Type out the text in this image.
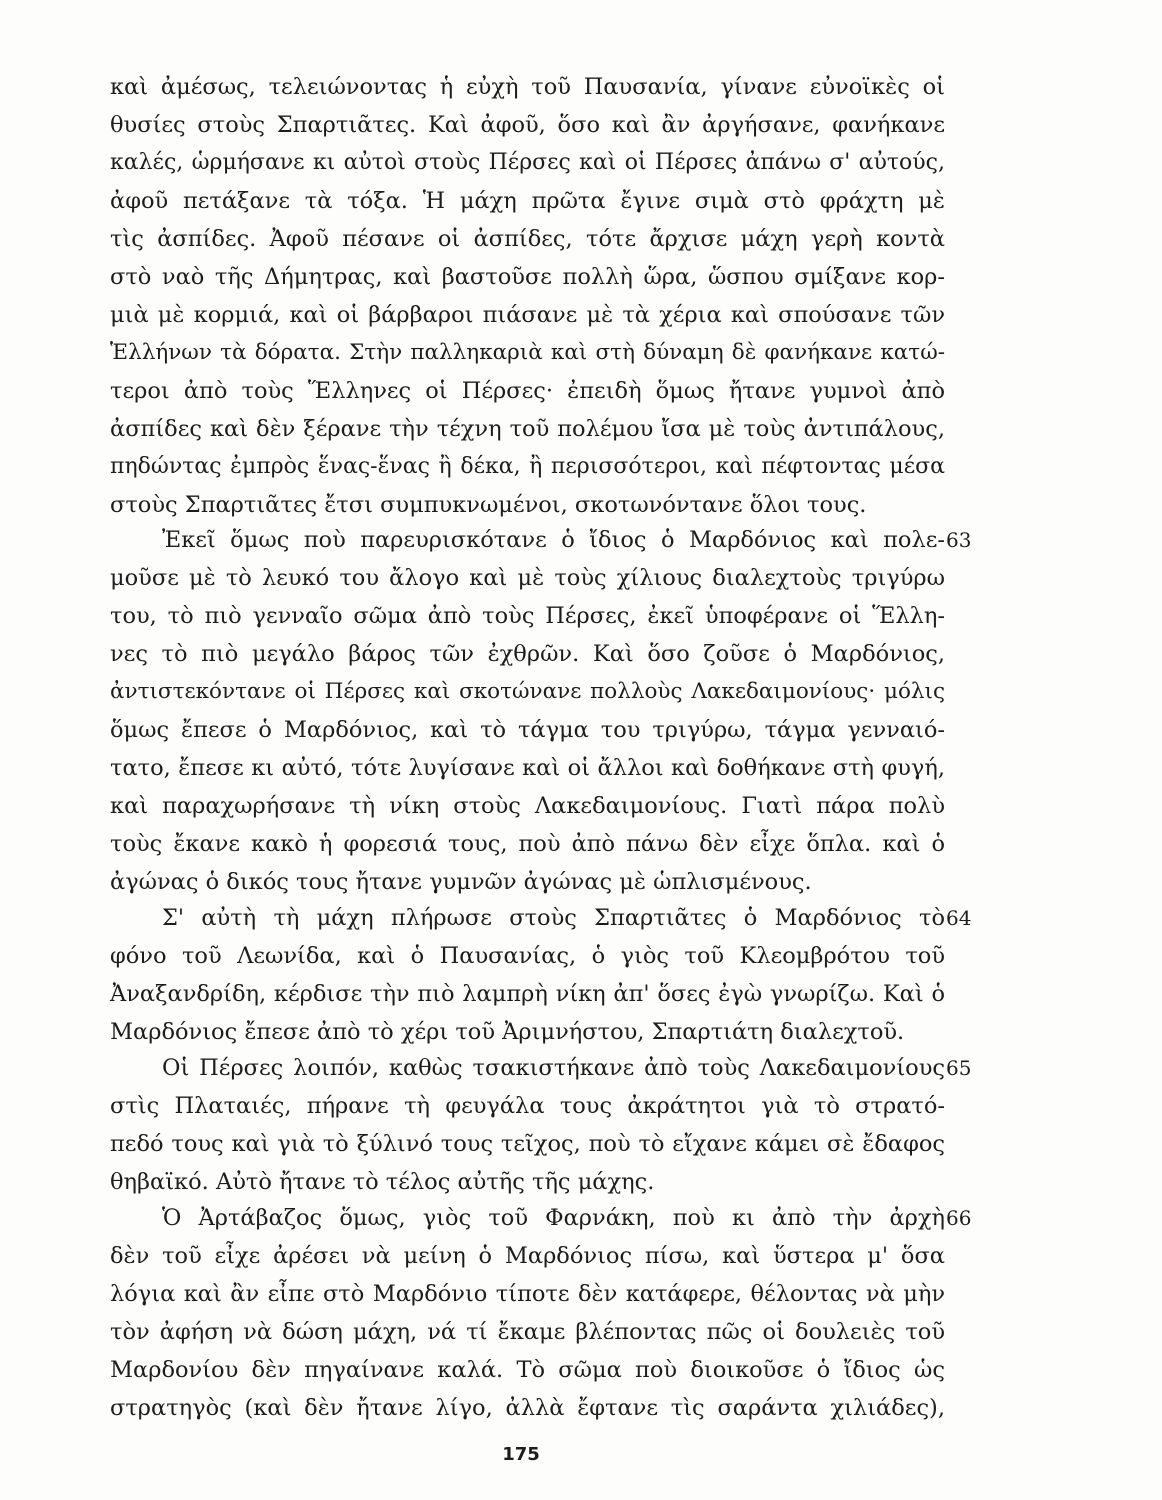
καὶ ἀμέσως, τελειώνοντας ἡ εὐχὴ τοῦ Παυσανία, γίνανε εὐνοϊκὲς οἱ
θυσίες στοὺς Σπαρτιᾶτες. Καὶ ἀφοῦ, ὅσο καὶ ἂν ἀργήσανε, φανήκανε
καλές, ὡρμήσανε κι αὐτοὶ στοὺς Πέρσες καὶ οἱ Πέρσες ἀπάνω σ' αὐτούς,
ἀφοῦ πετάξανε τὰ τόξα. Ἡ μάχη πρῶτα ἔγινε σιμὰ στὸ φράχτη μὲ
τὶς ἀσπίδες. Ἀφοῦ πέσανε οἱ ἀσπίδες, τότε ἄρχισε μάχη γερὴ κοντὰ
στὸ ναὸ τῆς Δήμητρας, καὶ βαστοῦσε πολλὴ ὥρα, ὥσπου σμίξανε κορ-
μιὰ μὲ κορμιά, καὶ οἱ βάρβαροι πιάσανε μὲ τὰ χέρια καὶ σπούσανε τῶν
Ἑλλήνων τὰ δόρατα. Στὴν παλληκαριὰ καὶ στὴ δύναμη δὲ φανήκανε κατώ-
τεροι ἀπὸ τοὺς Ἕλληνες οἱ Πέρσες· ἐπειδὴ ὅμως ἤτανε γυμνοὶ ἀπὸ
ἀσπίδες καὶ δὲν ξέρανε τὴν τέχνη τοῦ πολέμου ἴσα μὲ τοὺς ἀντιπάλους,
πηδώντας ἐμπρὸς ἕνας-ἕνας ἢ δέκα, ἢ περισσότεροι, καὶ πέφτοντας μέσα
στοὺς Σπαρτιᾶτες ἔτσι συμπυκνωμένοι, σκοτωνόντανε ὅλοι τους.
Ἐκεῖ ὅμως ποὺ παρευρισκότανε ὁ ἴδιος ὁ Μαρδόνιος καὶ πολε- 63
μοῦσε μὲ τὸ λευκό του ἄλογο καὶ μὲ τοὺς χίλιους διαλεχτοὺς τριγύρω
του, τὸ πιὸ γενναῖο σῶμα ἀπὸ τοὺς Πέρσες, ἐκεῖ ὑποφέρανε οἱ Ἕλλη-
νες τὸ πιὸ μεγάλο βάρος τῶν ἐχθρῶν. Καὶ ὅσο ζοῦσε ὁ Μαρδόνιος,
ἀντιστεκόντανε οἱ Πέρσες καὶ σκοτώνανε πολλοὺς Λακεδαιμονίους· μόλις
ὅμως ἔπεσε ὁ Μαρδόνιος, καὶ τὸ τάγμα του τριγύρω, τάγμα γενναιό-
τατο, ἔπεσε κι αὐτό, τότε λυγίσανε καὶ οἱ ἄλλοι καὶ δοθήκανε στὴ φυγή,
καὶ παραχωρήσανε τὴ νίκη στοὺς Λακεδαιμονίους. Γιατὶ πάρα πολὺ
τοὺς ἔκανε κακὸ ἡ φορεσιά τους, ποὺ ἀπὸ πάνω δὲν εἶχε ὅπλα. καὶ ὁ
ἀγώνας ὁ δικός τους ἤτανε γυμνῶν ἀγώνας μὲ ὡπλισμένους.
Σ' αὐτὴ τὴ μάχη πλήρωσε στοὺς Σπαρτιᾶτες ὁ Μαρδόνιος τὸ 64
φόνο τοῦ Λεωνίδα, καὶ ὁ Παυσανίας, ὁ γιὸς τοῦ Κλεομβρότου τοῦ
Ἀναξανδρίδη, κέρδισε τὴν πιὸ λαμπρὴ νίκη ἀπ' ὅσες ἐγὼ γνωρίζω. Καὶ ὁ
Μαρδόνιος ἔπεσε ἀπὸ τὸ χέρι τοῦ Ἀριμνήστου, Σπαρτιάτη διαλεχτοῦ.
Οἱ Πέρσες λοιπόν, καθὼς τσακιστήκανε ἀπὸ τοὺς Λακεδαιμονίους 65
στὶς Πλαταιές, πήρανε τὴ φευγάλα τους ἀκράτητοι γιὰ τὸ στρατό-
πεδό τους καὶ γιὰ τὸ ξύλινό τους τεῖχος, ποὺ τὸ εἴχανε κάμει σὲ ἔδαφος
θηβαϊκό. Αὐτὸ ἤτανε τὸ τέλος αὐτῆς τῆς μάχης.
Ὁ Ἀρτάβαζος ὅμως, γιὸς τοῦ Φαρνάκη, ποὺ κι ἀπὸ τὴν ἀρχὴ 66
δὲν τοῦ εἶχε ἀρέσει νὰ μείνη ὁ Μαρδόνιος πίσω, καὶ ὕστερα μ' ὅσα
λόγια καὶ ἂν εἶπε στὸ Μαρδόνιο τίποτε δὲν κατάφερε, θέλοντας νὰ μὴν
τὸν ἀφήση νὰ δώση μάχη, νά τί ἔκαμε βλέποντας πῶς οἱ δουλειὲς τοῦ
Μαρδονίου δὲν πηγαίνανε καλά. Τὸ σῶμα ποὺ διοικοῦσε ὁ ἴδιος ὡς
στρατηγὸς (καὶ δὲν ἤτανε λίγο, ἀλλὰ ἔφτανε τὶς σαράντα χιλιάδες),
175
